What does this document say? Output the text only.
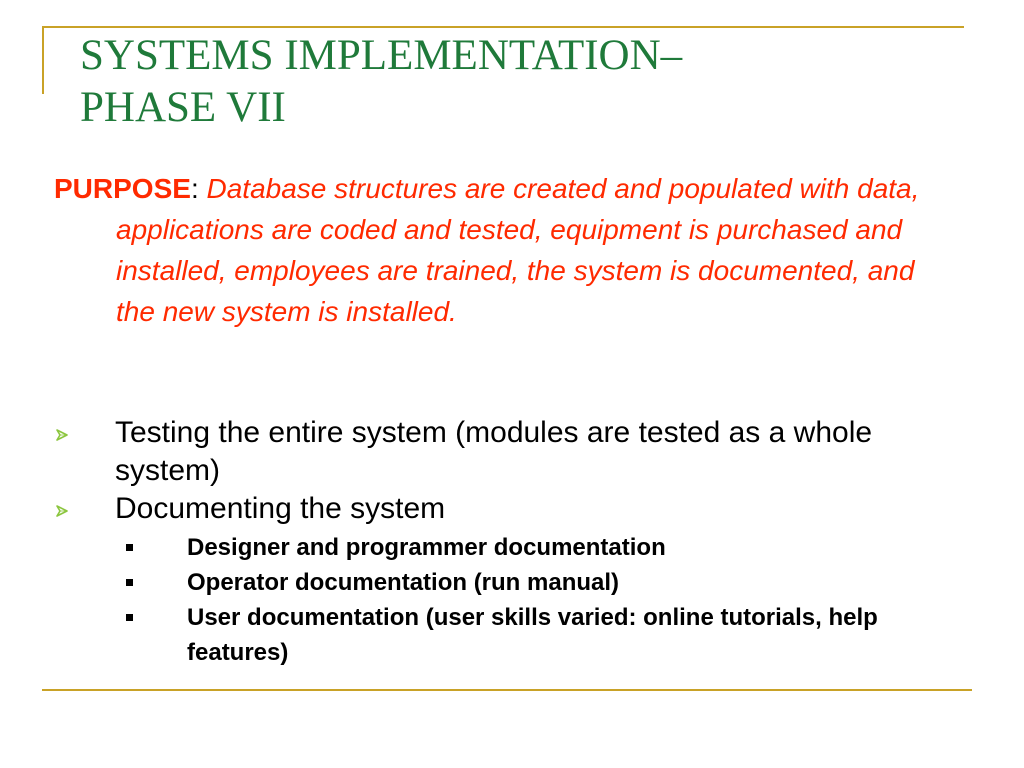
SYSTEMS IMPLEMENTATION–
PHASE VII
PURPOSE: Database structures are created and populated with data, applications are coded and tested, equipment is purchased and installed, employees are trained, the system is documented, and the new system is installed.
Testing the entire system (modules are tested as a whole system)
Documenting the system
Designer and programmer documentation
Operator documentation (run manual)
User documentation (user skills varied: online tutorials, help features)
